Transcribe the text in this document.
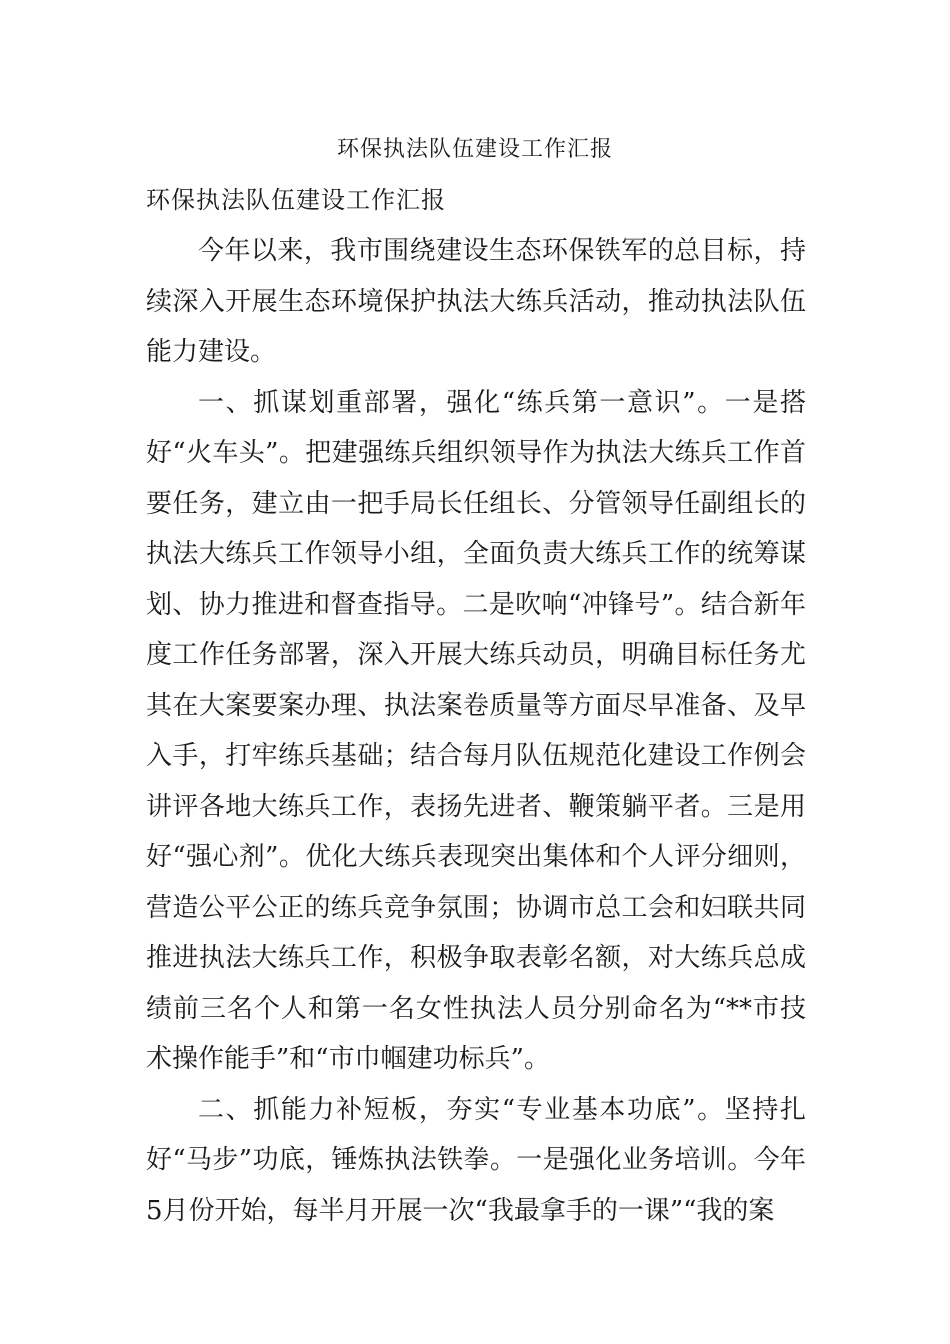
环保执法队伍建设工作汇报
环保执法队伍建设工作汇报

今年以来，我市围绕建设生态环保铁军的总目标，持续深入开展生态环境保护执法大练兵活动，推动执法队伍能力建设。

一、抓谋划重部署，强化“练兵第一意识”。一是搭好“火车头”。把建强练兵组织领导作为执法大练兵工作首要任务，建立由一把手局长任组长、分管领导任副组长的执法大练兵工作领导小组，全面负责大练兵工作的统筹谋划、协力推进和督查指导。二是吹响“冲锋号”。结合新年度工作任务部署，深入开展大练兵动员，明确目标任务尤其在大案要案办理、执法案卷质量等方面尽早准备、及早入手，打牢练兵基础；结合每月队伍规范化建设工作例会讲评各地大练兵工作，表扬先进者、鞭策躺平者。三是用好“强心剂”。优化大练兵表现突出集体和个人评分细则，营造公平公正的练兵竞争氛围；协调市总工会和妇联共同推进执法大练兵工作，积极争取表彰名额，对大练兵总成绩前三名个人和第一名女性执法人员分别命名为“**市技术操作能手”和“市巾帼建功标兵”。

二、抓能力补短板，夯实“专业基本功底”。坚持扎好“马步”功底，锤炼执法铁拳。一是强化业务培训。今年5月份开始，每半月开展一次“我最拿手的一课”“我的案
